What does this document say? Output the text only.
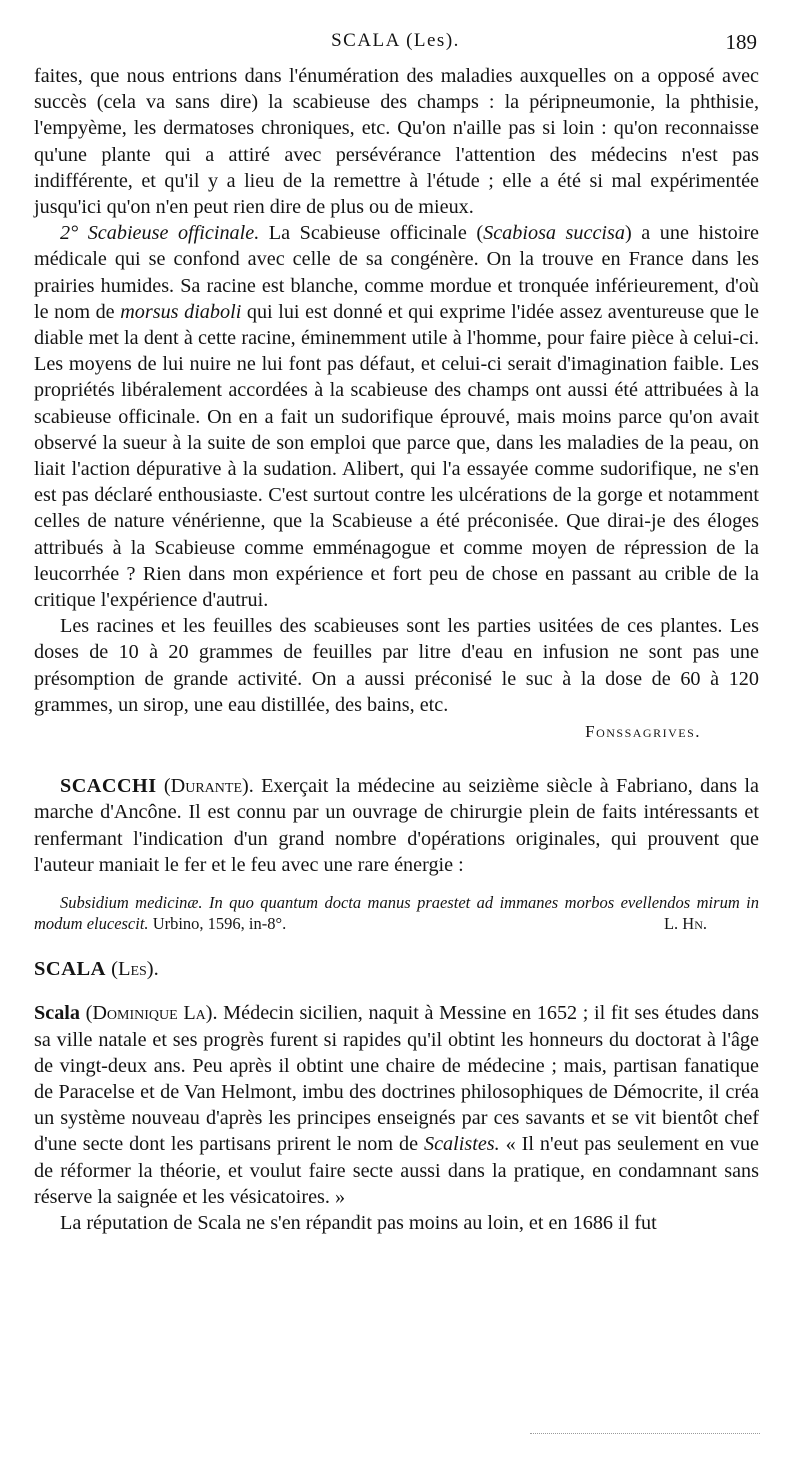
SCALA (Les).	189

faites, que nous entrions dans l'énumération des maladies auxquelles on a opposé avec succès (cela va sans dire) la scabieuse des champs : la péripneumonie, la phthisie, l'empyème, les dermatoses chroniques, etc. Qu'on n'aille pas si loin : qu'on reconnaisse qu'une plante qui a attiré avec persévérance l'attention des médecins n'est pas indifférente, et qu'il y a lieu de la remettre à l'étude ; elle a été si mal expérimentée jusqu'ici qu'on n'en peut rien dire de plus ou de mieux.

2° Scabieuse officinale. La Scabieuse officinale (Scabiosa succisa) a une histoire médicale qui se confond avec celle de sa congénère. On la trouve en France dans les prairies humides. Sa racine est blanche, comme mordue et tronquée inférieurement, d'où le nom de morsus diaboli qui lui est donné et qui exprime l'idée assez aventureuse que le diable met la dent à cette racine, éminemment utile à l'homme, pour faire pièce à celui-ci. Les moyens de lui nuire ne lui font pas défaut, et celui-ci serait d'imagination faible. Les propriétés libéralement accordées à la scabieuse des champs ont aussi été attribuées à la scabieuse officinale. On en a fait un sudorifique éprouvé, mais moins parce qu'on avait observé la sueur à la suite de son emploi que parce que, dans les maladies de la peau, on liait l'action dépurative à la sudation. Alibert, qui l'a essayée comme sudorifique, ne s'en est pas déclaré enthousiaste. C'est surtout contre les ulcérations de la gorge et notamment celles de nature vénérienne, que la Scabieuse a été préconisée. Que dirai-je des éloges attribués à la Scabieuse comme emménagogue et comme moyen de répression de la leucorrhée ? Rien dans mon expérience et fort peu de chose en passant au crible de la critique l'expérience d'autrui.

Les racines et les feuilles des scabieuses sont les parties usitées de ces plantes. Les doses de 10 à 20 grammes de feuilles par litre d'eau en infusion ne sont pas une présomption de grande activité. On a aussi préconisé le suc à la dose de 60 à 120 grammes, un sirop, une eau distillée, des bains, etc.

Fonssagrives.

SCACCHI (Durante). Exerçait la médecine au seizième siècle à Fabriano, dans la marche d'Ancône. Il est connu par un ouvrage de chirurgie plein de faits intéressants et renfermant l'indication d'un grand nombre d'opérations originales, qui prouvent que l'auteur maniait le fer et le feu avec une rare énergie :

Subsidium medicinæ. In quo quantum docta manus praestet ad immanes morbos evellendos mirum in modum elucescit. Urbino, 1596, in-8°.	L. Hn.

SCALA (Les).

Scala (Dominique La). Médecin sicilien, naquit à Messine en 1652 ; il fit ses études dans sa ville natale et ses progrès furent si rapides qu'il obtint les honneurs du doctorat à l'âge de vingt-deux ans. Peu après il obtint une chaire de médecine ; mais, partisan fanatique de Paracelse et de Van Helmont, imbu des doctrines philosophiques de Démocrite, il créa un système nouveau d'après les principes enseignés par ces savants et se vit bientôt chef d'une secte dont les partisans prirent le nom de Scalistes. « Il n'eut pas seulement en vue de réformer la théorie, et voulut faire secte aussi dans la pratique, en condamnant sans réserve la saignée et les vésicatoires. »

La réputation de Scala ne s'en répandit pas moins au loin, et en 1686 il fut
